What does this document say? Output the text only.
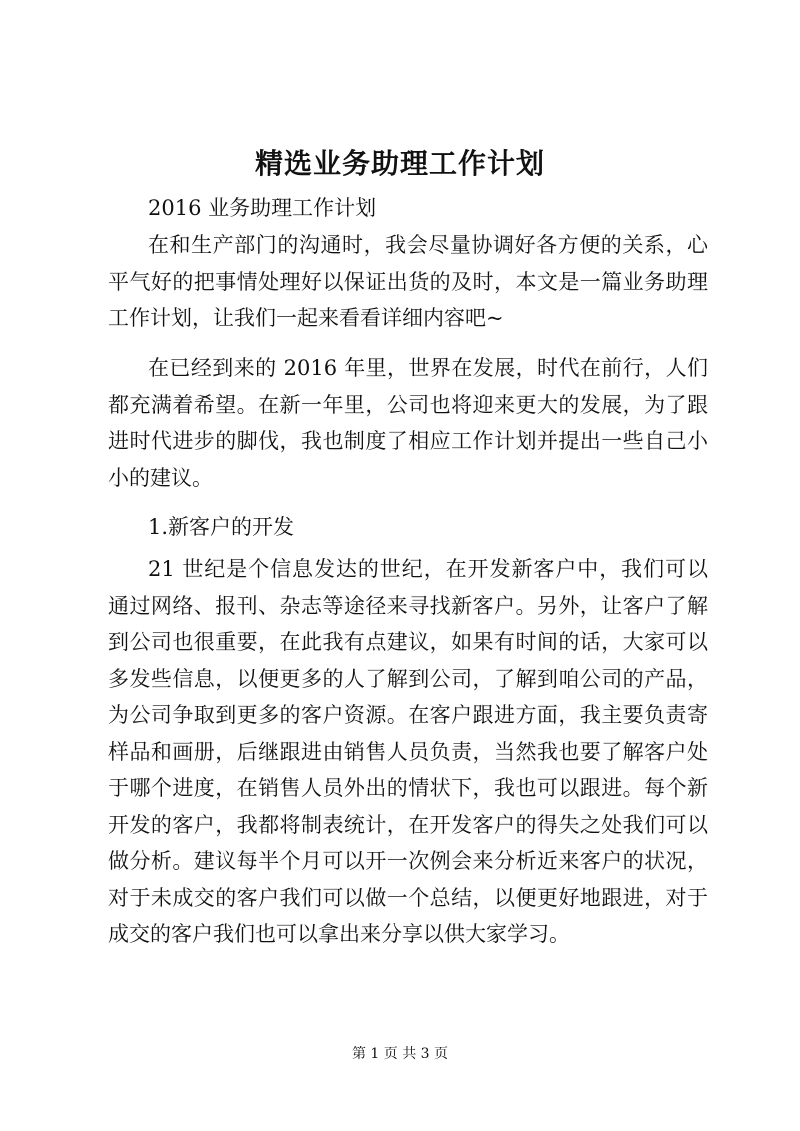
精选业务助理工作计划
2016 业务助理工作计划
在和生产部门的沟通时，我会尽量协调好各方便的关系，心
平气好的把事情处理好以保证出货的及时，本文是一篇业务助理
工作计划，让我们一起来看看详细内容吧~
在已经到来的 2016 年里，世界在发展，时代在前行，人们
都充满着希望。在新一年里，公司也将迎来更大的发展，为了跟
进时代进步的脚伐，我也制度了相应工作计划并提出一些自己小
小的建议。
1.新客户的开发
21 世纪是个信息发达的世纪，在开发新客户中，我们可以
通过网络、报刊、杂志等途径来寻找新客户。另外，让客户了解
到公司也很重要，在此我有点建议，如果有时间的话，大家可以
多发些信息，以便更多的人了解到公司，了解到咱公司的产品，
为公司争取到更多的客户资源。在客户跟进方面，我主要负责寄
样品和画册，后继跟进由销售人员负责，当然我也要了解客户处
于哪个进度，在销售人员外出的情状下，我也可以跟进。每个新
开发的客户，我都将制表统计，在开发客户的得失之处我们可以
做分析。建议每半个月可以开一次例会来分析近来客户的状况，
对于未成交的客户我们可以做一个总结，以便更好地跟进，对于
成交的客户我们也可以拿出来分享以供大家学习。
第 1 页 共 3 页
